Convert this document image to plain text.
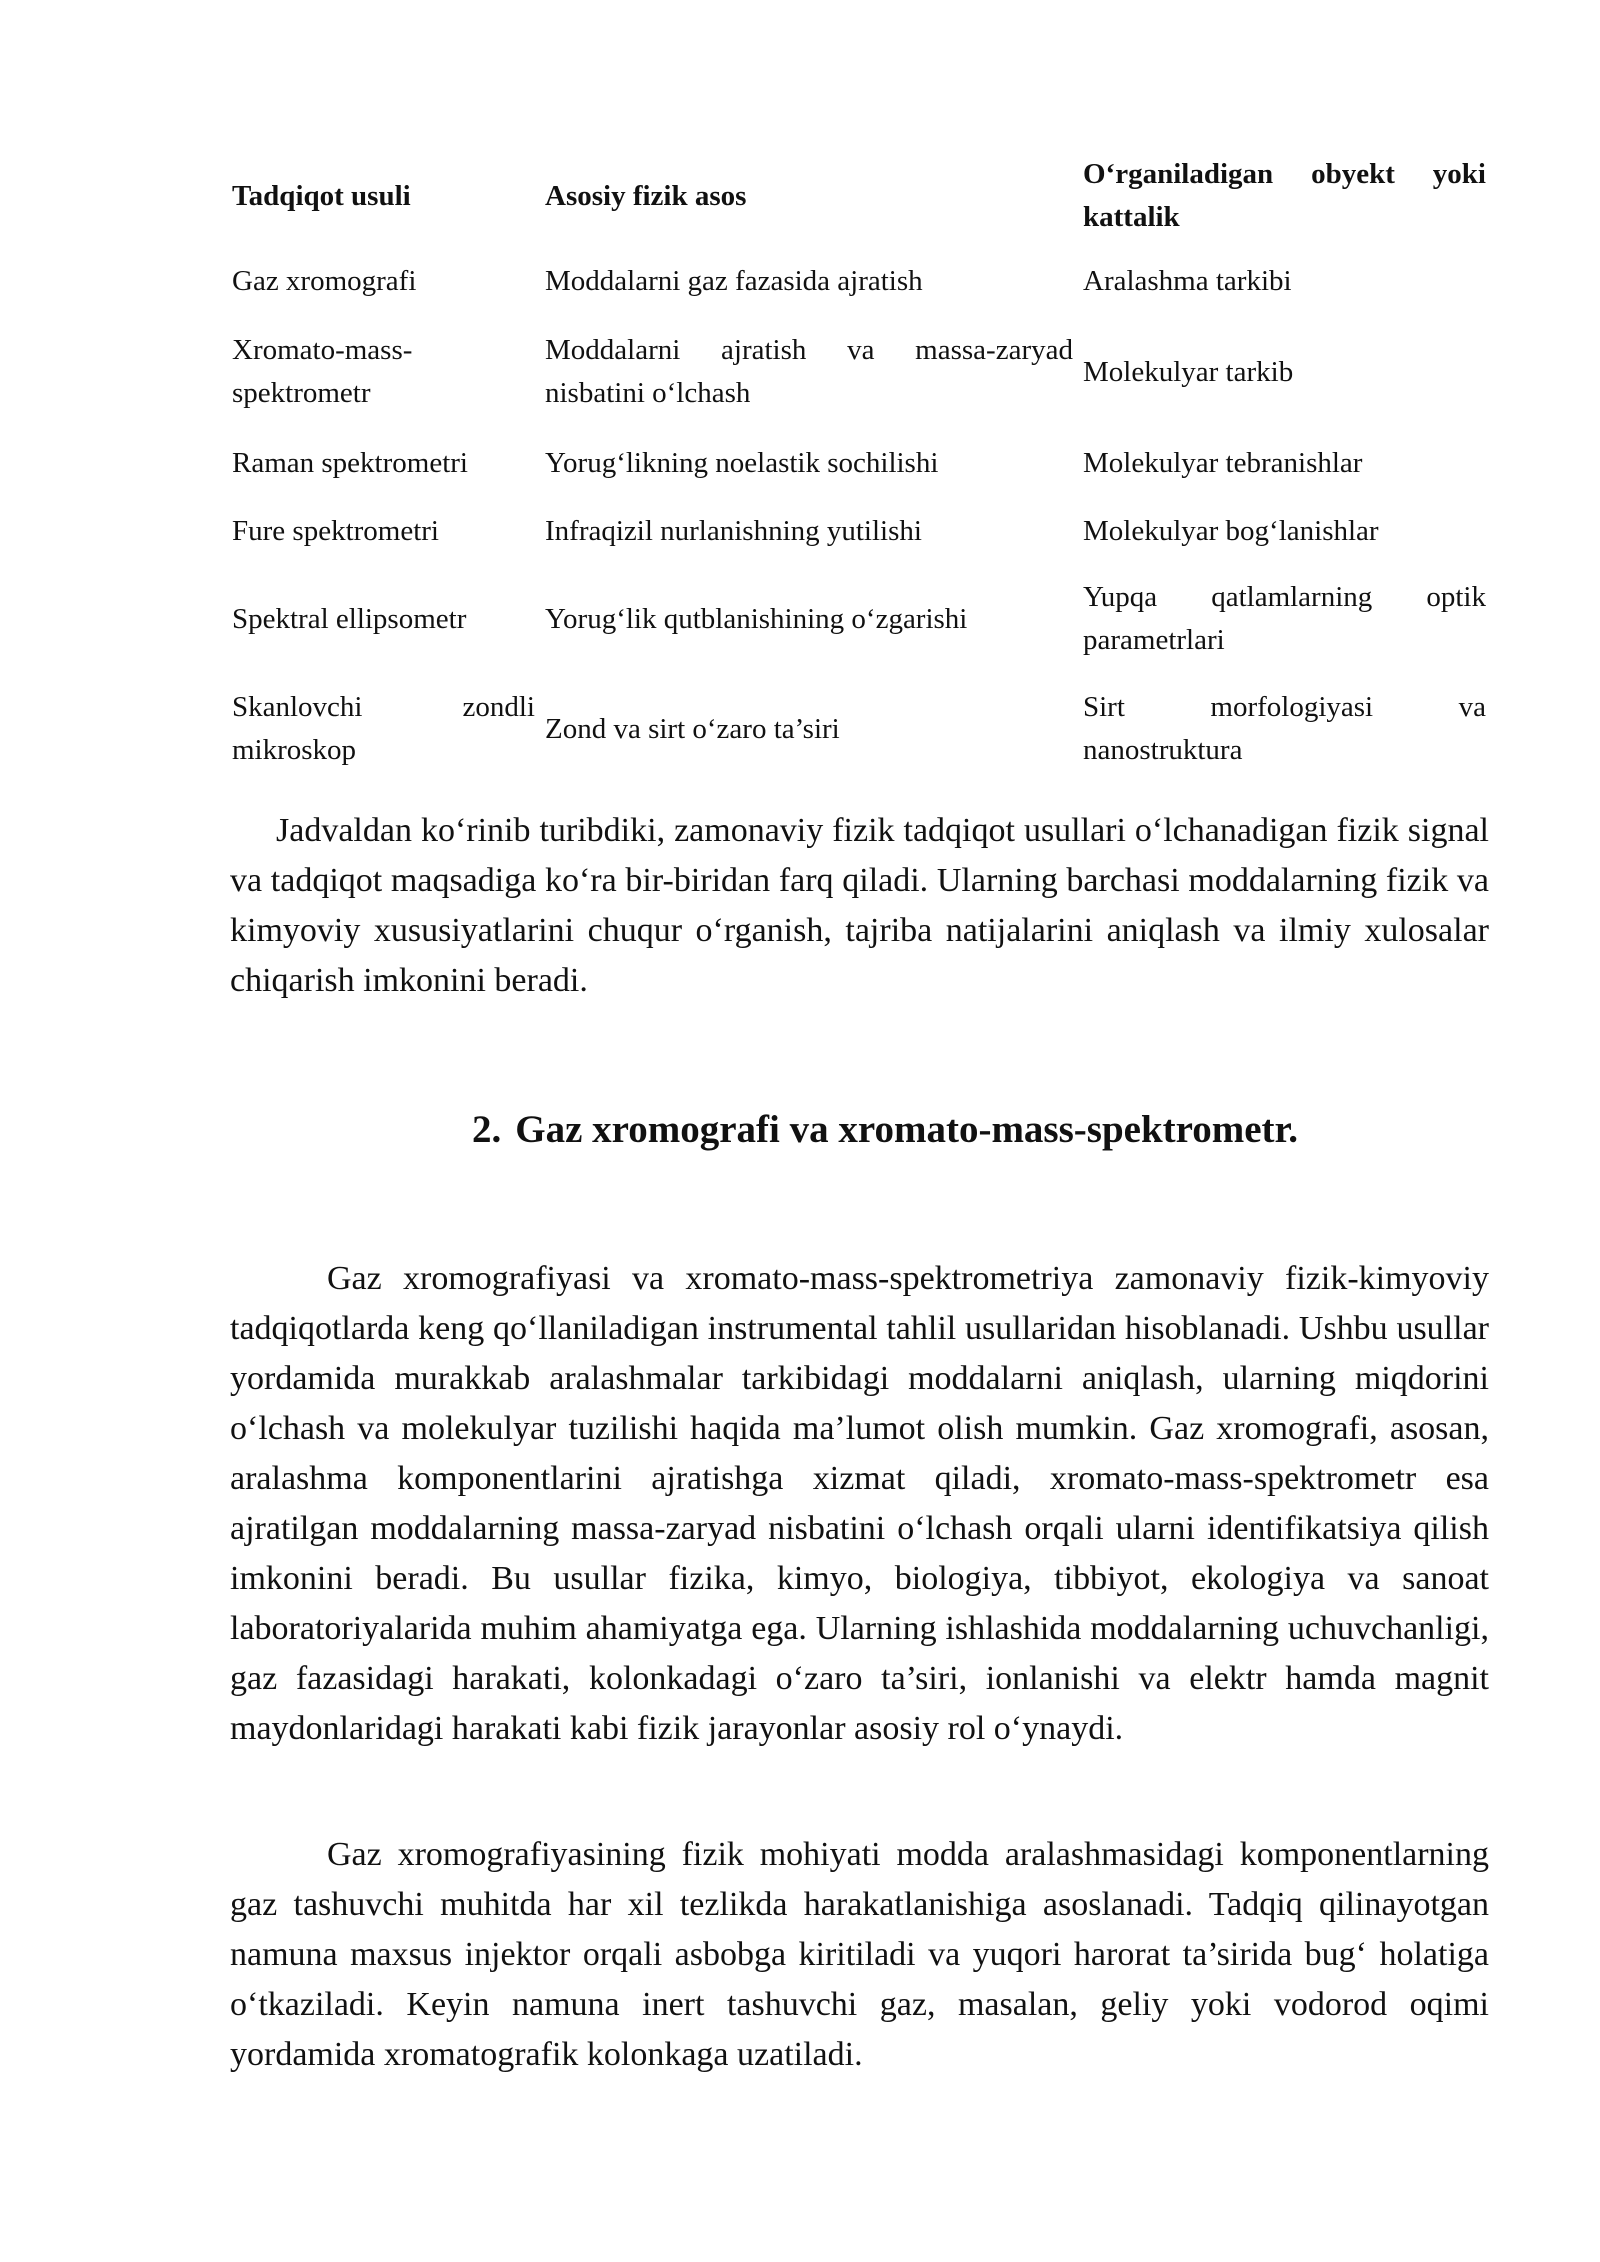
Tadqiqot usuli	Asosiy fizik asos	O‘rganiladigan obyekt yoki kattalik
Gaz xromografi	Moddalarni gaz fazasida ajratish	Aralashma tarkibi
Xromato-mass-spektrometr	Moddalarni ajratish va massa-zaryad nisbatini o‘lchash	Molekulyar tarkib
Raman spektrometri	Yorug‘likning noelastik sochilishi	Molekulyar tebranishlar
Fure spektrometri	Infraqizil nurlanishning yutilishi	Molekulyar bog‘lanishlar
Spektral ellipsometr	Yorug‘lik qutblanishining o‘zgarishi	Yupqa qatlamlarning optik parametrlari
Skanlovchi zondli mikroskop	Zond va sirt o‘zaro ta’siri	Sirt morfologiyasi va nanostruktura

Jadvaldan ko‘rinib turibdiki, zamonaviy fizik tadqiqot usullari o‘lchanadigan fizik signal va tadqiqot maqsadiga ko‘ra bir-biridan farq qiladi. Ularning barchasi moddalarning fizik va kimyoviy xususiyatlarini chuqur o‘rganish, tajriba natijalarini aniqlash va ilmiy xulosalar chiqarish imkonini beradi.

2. Gaz xromografi va xromato-mass-spektrometr.

Gaz xromografiyasi va xromato-mass-spektrometriya zamonaviy fizik-kimyoviy tadqiqotlarda keng qo‘llaniladigan instrumental tahlil usullaridan hisoblanadi. Ushbu usullar yordamida murakkab aralashmalar tarkibidagi moddalarni aniqlash, ularning miqdorini o‘lchash va molekulyar tuzilishi haqida ma’lumot olish mumkin. Gaz xromografi, asosan, aralashma komponentlarini ajratishga xizmat qiladi, xromato-mass-spektrometr esa ajratilgan moddalarning massa-zaryad nisbatini o‘lchash orqali ularni identifikatsiya qilish imkonini beradi. Bu usullar fizika, kimyo, biologiya, tibbiyot, ekologiya va sanoat laboratoriyalarida muhim ahamiyatga ega. Ularning ishlashida moddalarning uchuvchanligi, gaz fazasidagi harakati, kolonkadagi o‘zaro ta’siri, ionlanishi va elektr hamda magnit maydonlaridagi harakati kabi fizik jarayonlar asosiy rol o‘ynaydi.

Gaz xromografiyasining fizik mohiyati modda aralashmasidagi komponentlarning gaz tashuvchi muhitda har xil tezlikda harakatlanishiga asoslanadi. Tadqiq qilinayotgan namuna maxsus injektor orqali asbobga kiritiladi va yuqori harorat ta’sirida bug‘ holatiga o‘tkaziladi. Keyin namuna inert tashuvchi gaz, masalan, geliy yoki vodorod oqimi yordamida xromatografik kolonkaga uzatiladi.
